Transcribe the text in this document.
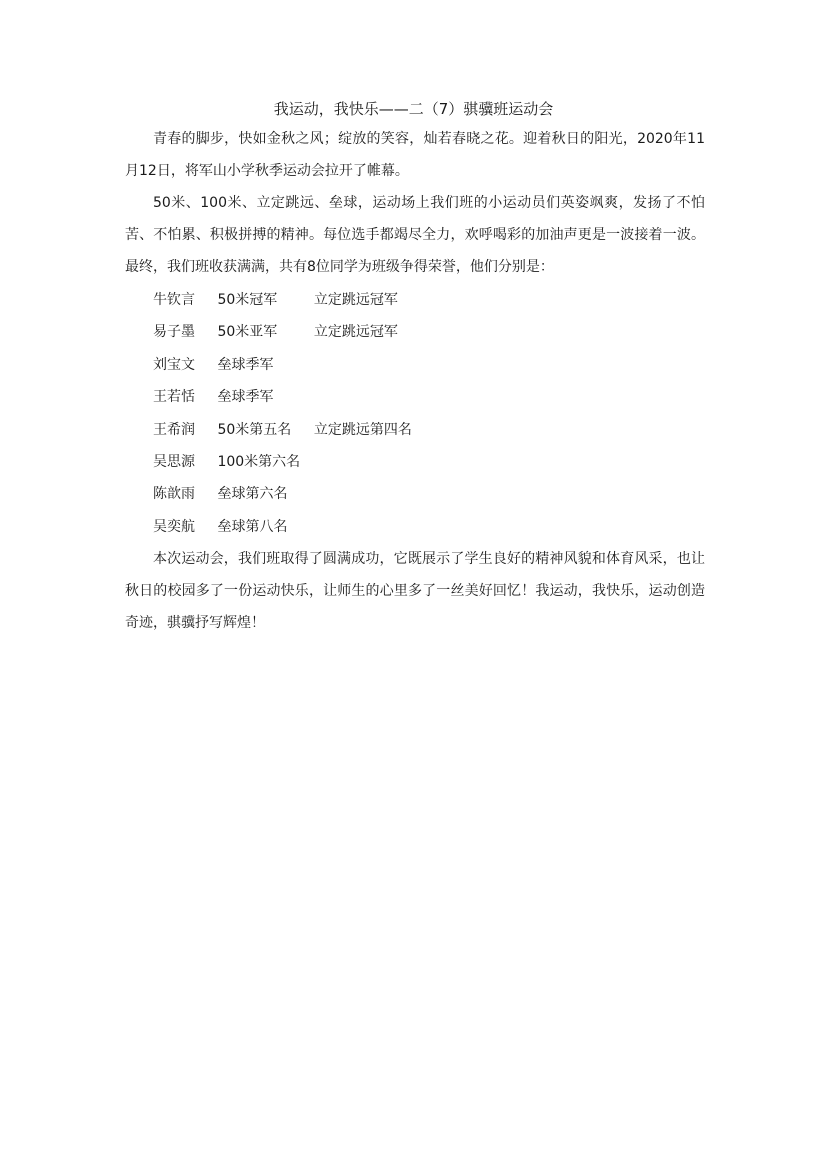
我运动，我快乐——二（7）骐骥班运动会

青春的脚步，快如金秋之风；绽放的笑容，灿若春晓之花。迎着秋日的阳光，2020年11月12日，将军山小学秋季运动会拉开了帷幕。

50米、100米、立定跳远、垒球，运动场上我们班的小运动员们英姿飒爽，发扬了不怕苦、不怕累、积极拼搏的精神。每位选手都竭尽全力，欢呼喝彩的加油声更是一波接着一波。最终，我们班收获满满，共有8位同学为班级争得荣誉，他们分别是：

牛钦言 50米冠军	立定跳远冠军
易子墨 50米亚军	立定跳远冠军
刘宝文 垒球季军
王若恬 垒球季军
王希润 50米第五名 立定跳远第四名
吴思源 100米第六名
陈歆雨 垒球第六名
吴奕航 垒球第八名

本次运动会，我们班取得了圆满成功，它既展示了学生良好的精神风貌和体育风采，也让秋日的校园多了一份运动快乐，让师生的心里多了一丝美好回忆！我运动，我快乐，运动创造奇迹，骐骥抒写辉煌！
